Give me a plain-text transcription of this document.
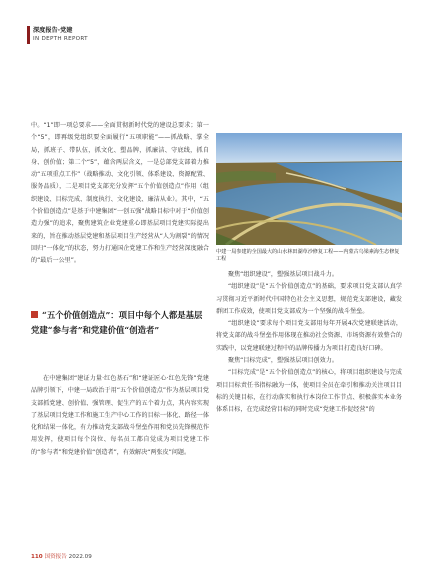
深度报告·党建
IN DEPTH REPORT

中。“1”即一项总要求——全面贯彻新时代党的建设总要求；第一个“5”，即再级党组织要全面履行“五项职能”——抓战略、掌全局，抓班子、带队伍，抓文化、塑品牌，抓廉洁、守底线，抓自身、创价值；第二个“5”，蕴含两层含义，一是总部党支部着力推动“五项重点工作”（战略推动、文化引领、体系建设、资源配置、服务品质），二是项目党支部充分发挥“五个价值创造点”作用（组织建设、目标完成、制度执行、文化建设、廉洁从业）。其中，“五个价值创造点”是基于中建集团“一创五强”战略目标中对于“价值创造力强”的追求，聚焦建筑企业党建重心即基层项目党建实际提出来的，旨在推动基层党建和基层项目生产经营从“人为割裂”的情况回归“一体化”的状态，努力打通国企党建工作和生产经营深度融合的“最后一公里”。

“五个价值创造点”：项目中每个人都是基层党建“参与者”和党建价值“创造者”

在中建集团“建证力量·红色基石”和“建证匠心·红色先锋”党建品牌引领下，中建一局政治于用“五个价值创造点”作为基层项目党支部抓党建、创价值、强管理、促生产的五个着力点，其内容实现了基层项目党建工作和施工生产中心工作的目标一体化、路径一体化和结果一体化，有力推动党支部战斗堡垒作用和党员先锋模范作用发挥，使项目每个岗位、每名员工都自觉成为项目党建工作的“参与者”和党建价值“创造者”，有效解决“两张皮”问题。

中建一局参建的全国最大的山水林田湖草沙修复工程——内蒙古乌梁素海生态修复工程

聚焦“组织建设”，塑强基层项目战斗力。

“组织建设”是“五个价值创造点”的基础，要求项目党支部认真学习贯彻习近平新时代中国特色社会主义思想，规范党支部建设，藏发群团工作成效，使项目党支部成为一个坚强的战斗堡垒。

“组织建设”要求每个项目党支部用每年开展4次党建联建活动，将党支部的战斗堡垒作用体现在推动社会资源、市场资源有效整合的实践中，以党建联建过程中的品牌传播力为项目打造良好口碑。

聚焦“目标完成”，塑强基层项目创效力。

“目标完成”是“五个价值创造点”的核心，将项目组织建设与完成项目目标责任书指标融为一体，使项目全员在牵引和推动关注项目目标的关键目标，在行动落实和执行本岗位工作节点、积极落实本业务体系目标，在完成经营目标的同时完成“党建工作促经营”的

110 国资报告 2022.09
